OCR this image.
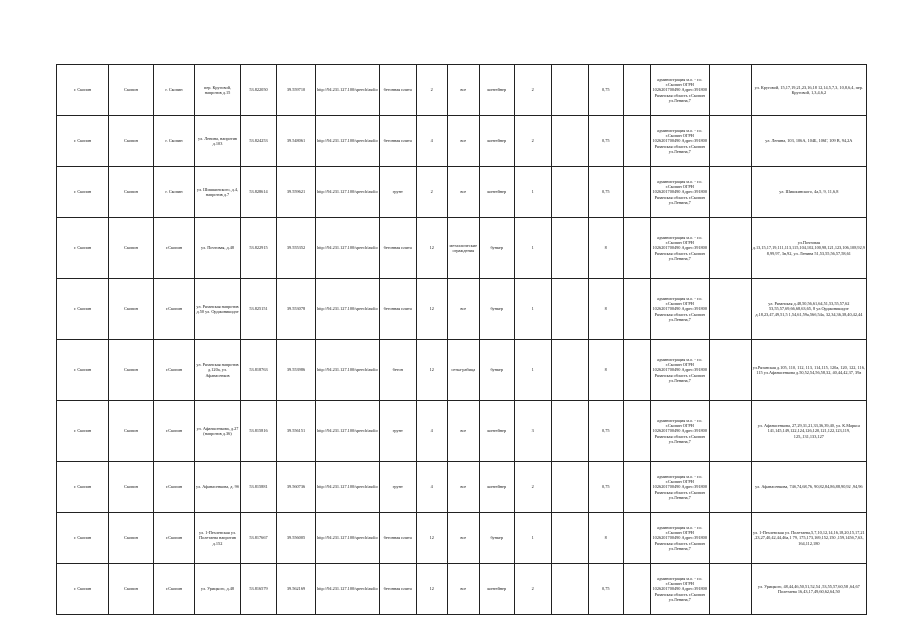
г. Скопин	Скопин	г. Скопин	пер. Круговой, напротив д.15	53.822050	39.559710	http://94.231.127.100/speech/audio	бетонная плита	2	все	контейнер	2		0,75		администрация м.о. - г.о. г.Скопин ОГРН 1026201700490 Адрес:391800 Рязанская область г.Скопин ул.Ленина,7		ул. Круговой, 15,17,19,21,23,16,18 12,14,5,7,3, 10,8,6,4, пер. Круговой, 1,3,4,6,2
г. Скопин	Скопин	г. Скопин	ул. Ленина, напротив д.103	53.824253	39.548061	http://94.231.127.100/speech/audio	бетонная плита	4	все	контейнер	2		0,75		администрация м.о. - г.о. г.Скопин ОГРН 1026201700490 Адрес:391800 Рязанская область г.Скопин ул.Ленина,7		ул. Ленина, 103, 106А, 104Б, 106Г, 109 В, 94,2А
г. Скопин	Скопин	г. Скопин	ул. Шишкинского, д.4, напротив д.7	53.828614	39.559621	http://94.231.127.100/speech/audio	грунт	2	все	контейнер	1		0,75		администрация м.о. - г.о. г.Скопин ОГРН 1026201700490 Адрес:391800 Рязанская область г.Скопин ул.Ленина,7		ул. Шишкинского, 4а,5, 9, 11,6,8
г. Скопин	Скопин	г.Скопин	ул. Почтовая, д.48	53.822915	39.555352	http://94.231.127.100/speech/audio	бетонная плита	12	металлические ограждения	бункер	1		8		администрация м.о. - г.о. г.Скопин ОГРН 1026201700490 Адрес:391800 Рязанская область г.Скопин ул.Ленина,7		ул.Почтовая д.13,15,17,19,111,113,115,104,102,100,98,121,123,106,108,92,9 8,99,97, 3в,92, ул. Ленина 51,53,55,56,57,58,61
г. Скопин	Скопин	г.Скопин	ул. Рязанская напротив д.50 ул. Орджоникидзе	53.825151	39.553078	http://94.231.127.100/speech/audio	бетонная плита	12	все	бункер	1		8		администрация м.о. - г.о. г.Скопин ОГРН 1026201700490 Адрес:391800 Рязанская область г.Скопин ул.Ленина,7		ул. Рязанская д.48,50,56,61,64,51,53,55,57,62 53,55,57,69,66,68,63,65, 8 ул.Орджоникидзе д.18,23,47,49,51,5 1,54,61,59а,56б,54а, 32,34,36,38,40,42,44
г. Скопин	Скопин	г.Скопин	ул. Рязанская напротив д.120а, ул. Афанасенков	53.818763	39.553986	http://94.231.127.100/speech/audio	бетон	12	сетка-рабица	бункер	1		8		администрация м.о. - г.о. г.Скопин ОГРН 1026201700490 Адрес:391800 Рязанская область г.Скопин ул.Ленина,7		ул.Рязанская д.105, 110, 112, 113, 114,115, 120а, 120, 122, 116, 115 ул.Афанасенкова д.50,52,54,56,58,32, 40,44,42,37, 39а
г. Скопин	Скопин	г.Скопин	ул. Афанасенкова, д.27 (напротив д.36)	53.815816	39.556151	http://94.231.127.100/speech/audio	грунт	4	все	контейнер	3		0,75		администрация м.о. - г.о. г.Скопин ОГРН 1026201700490 Адрес:391800 Рязанская область г.Скопин ул.Ленина,7		ул. Афанасенкова, 27,29,31,21,33,36,39,40, ул. К.Маркса 141,145,149,122,124,126,120,121,122,123,119, 125,,131,133,127
г. Скопин	Скопин	г.Скопин	ул. Афанасенкова, д. 9б	53.815881	39.560736	http://94.231.127.100/speech/audio	грунт	4	все	контейнер	2		0,75		администрация м.о. - г.о. г.Скопин ОГРН 1026201700490 Адрес:391800 Рязанская область г.Скопин ул.Ленина,7		ул. Афанасенкова, 74б,74,68,76, 90,82,84,86,88,90,92 ,94,96
г. Скопин	Скопин	г.Скопин	ул. 1-Пехлевская ул. Полетаева напротив д.152	53.817667	39.556005	http://94.231.127.100/speech/audio	бетонная плита	12	все	бункер	1		8		администрация м.о. - г.о. г.Скопин ОГРН 1026201700490 Адрес:391800 Рязанская область г.Скопин ул.Ленина,7		ул. 1-Пехлевская ул. Полетаева,5,7,10,12,14,16,18,20,15,17,21 ,23,27,40,42,44,46а,1 79, 175,173,169,152,150 ,159,145б,7,63, 164,112,180
г. Скопин	Скопин	г.Скопин	ул. Урицкого, д.48	53.816579	39.562169	http://94.231.127.100/speech/audio	бетонная плита	12	все	контейнер	2		0,75		администрация м.о. - г.о. г.Скопин ОГРН 1026201700490 Адрес:391800 Рязанская область г.Скопин ул.Ленина,7		ул. Урицкого, 48,44,46,50,51,52,54 ,53,55,57,60,58 ,64,67 Полетаева 16,43,17,49,60,62,64,50
